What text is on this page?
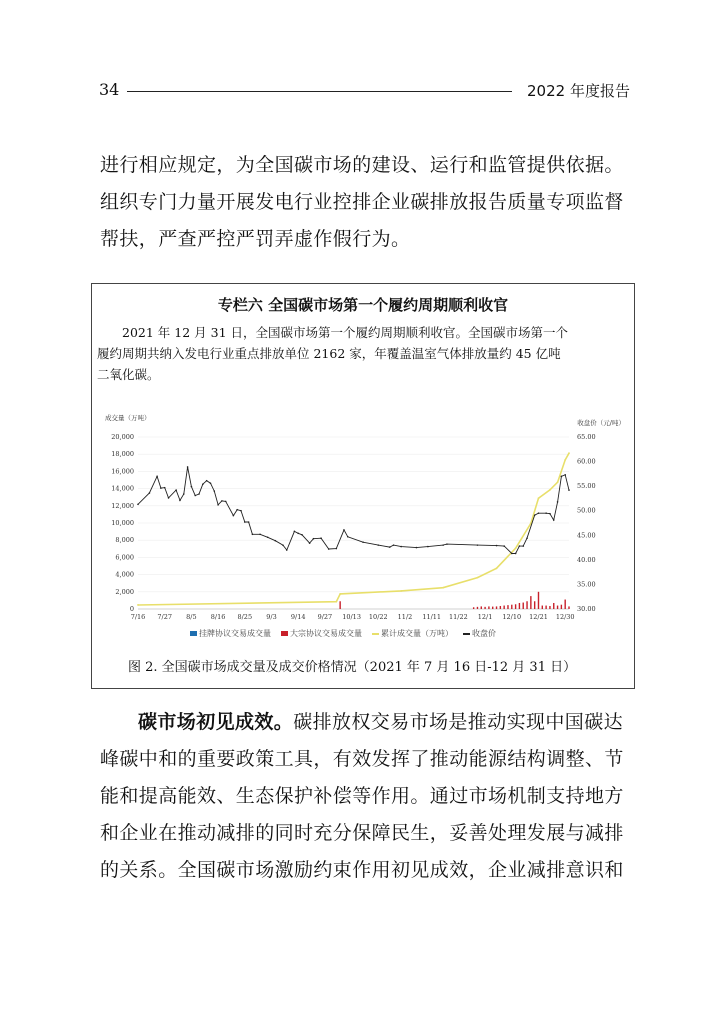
34	2022 年度报告
进行相应规定，为全国碳市场的建设、运行和监管提供依据。
组织专门力量开展发电行业控排企业碳排放报告质量专项监督
帮扶，严查严控严罚弄虚作假行为。
专栏六 全国碳市场第一个履约周期顺利收官
2021 年 12 月 31 日，全国碳市场第一个履约周期顺利收官。全国碳市场第一个
履约周期共纳入发电行业重点排放单位 2162 家，年覆盖温室气体排放量约 45 亿吨
二氧化碳。
成交量（万吨）
收盘价（元/吨）
0
2,000
4,000
6,000
8,000
10,000
12,000
14,000
16,000
18,000
20,000
30.00
35.00
40.00
45.00
50.00
55.00
60.00
65.00
7/16 7/27 8/5 8/16 8/25 9/3 9/14 9/27 10/13 10/22 11/2 11/11 11/22 12/1 12/10 12/21 12/30
挂牌协议交易成交量	大宗协议交易成交量	累计成交量（万吨）	收盘价
图 2. 全国碳市场成交量及成交价格情况（2021 年 7 月 16 日-12 月 31 日）
碳市场初见成效。碳排放权交易市场是推动实现中国碳达
峰碳中和的重要政策工具，有效发挥了推动能源结构调整、节
能和提高能效、生态保护补偿等作用。通过市场机制支持地方
和企业在推动减排的同时充分保障民生，妥善处理发展与减排
的关系。全国碳市场激励约束作用初见成效，企业减排意识和
